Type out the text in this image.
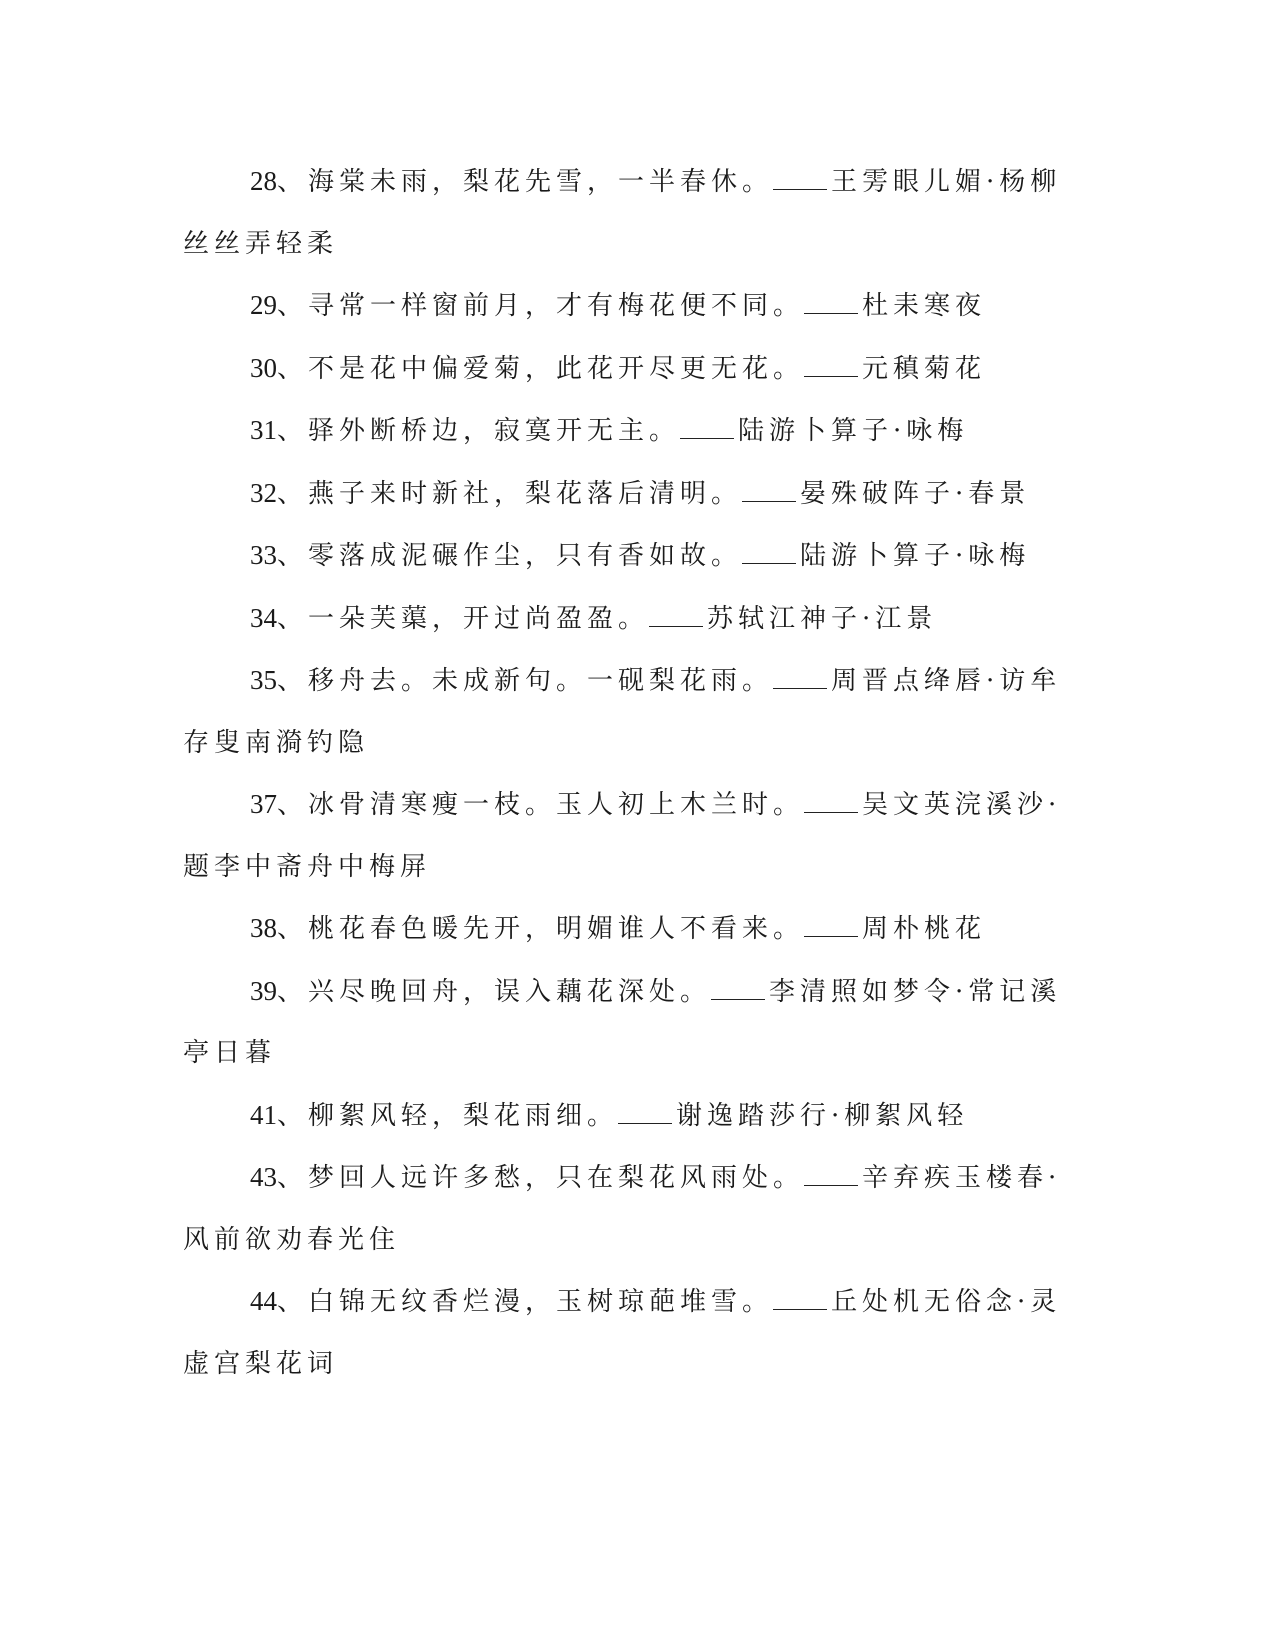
28、海棠未雨，梨花先雪，一半春休。 王雱眼儿媚·杨柳丝丝弄轻柔

29、寻常一样窗前月，才有梅花便不同。 杜耒寒夜

30、不是花中偏爱菊，此花开尽更无花。 元稹菊花

31、驿外断桥边，寂寞开无主。 陆游卜算子·咏梅

32、燕子来时新社，梨花落后清明。 晏殊破阵子·春景

33、零落成泥碾作尘，只有香如故。 陆游卜算子·咏梅

34、一朵芙蕖，开过尚盈盈。 苏轼江神子·江景

35、移舟去。未成新句。一砚梨花雨。 周晋点绛唇·访牟存叟南漪钓隐

37、冰骨清寒瘦一枝。玉人初上木兰时。 吴文英浣溪沙·题李中斋舟中梅屏

38、桃花春色暖先开，明媚谁人不看来。 周朴桃花

39、兴尽晚回舟，误入藕花深处。 李清照如梦令·常记溪亭日暮

41、柳絮风轻，梨花雨细。 谢逸踏莎行·柳絮风轻

43、梦回人远许多愁，只在梨花风雨处。 辛弃疾玉楼春·风前欲劝春光住

44、白锦无纹香烂漫，玉树琼葩堆雪。 丘处机无俗念·灵虚宫梨花词
